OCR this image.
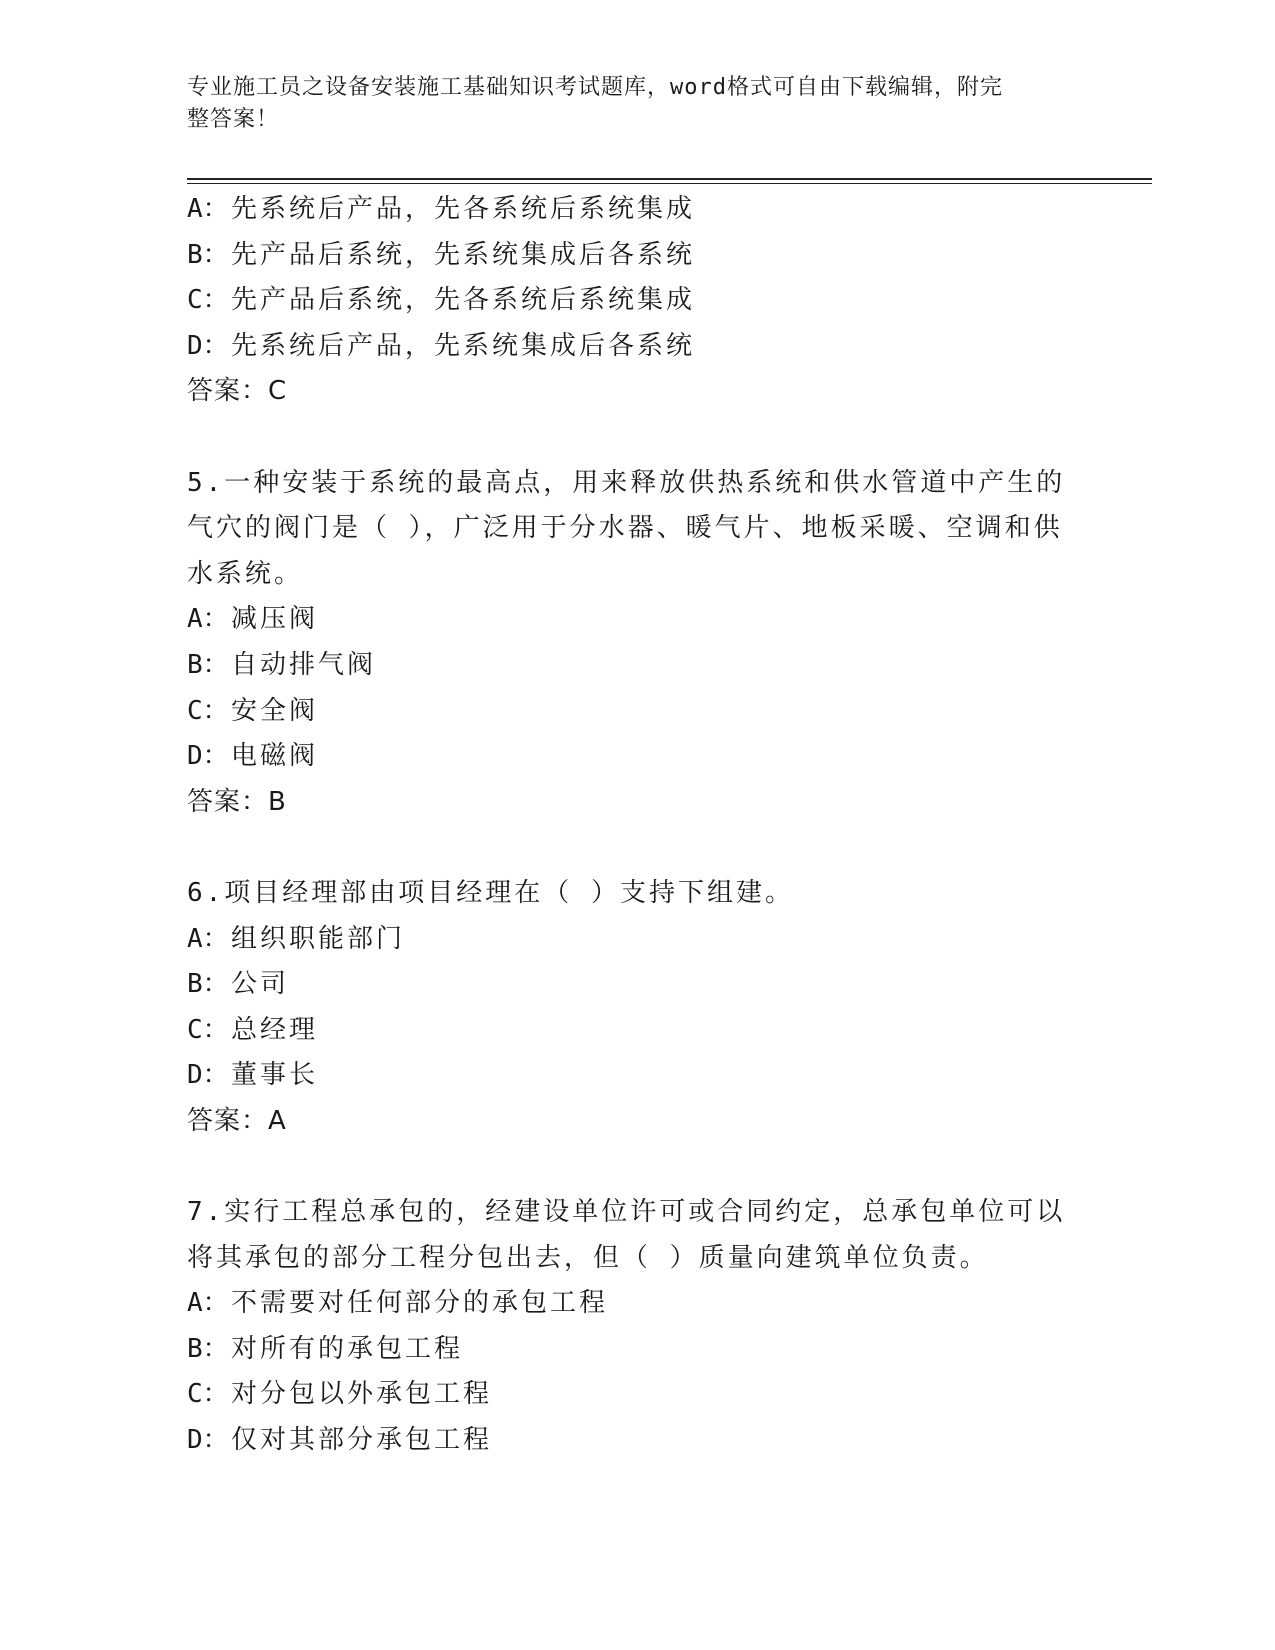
专业施工员之设备安装施工基础知识考试题库，word格式可自由下载编辑，附完
整答案！
A：先系统后产品，先各系统后系统集成
B：先产品后系统，先系统集成后各系统
C：先产品后系统，先各系统后系统集成
D：先系统后产品，先系统集成后各系统
答案：C
5.一种安装于系统的最高点，用来释放供热系统和供水管道中产生的
气穴的阀门是（ ），广泛用于分水器、暖气片、地板采暖、空调和供
水系统。
A：减压阀
B：自动排气阀
C：安全阀
D：电磁阀
答案：B
6.项目经理部由项目经理在（ ）支持下组建。
A：组织职能部门
B：公司
C：总经理
D：董事长
答案：A
7.实行工程总承包的，经建设单位许可或合同约定，总承包单位可以
将其承包的部分工程分包出去，但（ ）质量向建筑单位负责。
A：不需要对任何部分的承包工程
B：对所有的承包工程
C：对分包以外承包工程
D：仅对其部分承包工程
